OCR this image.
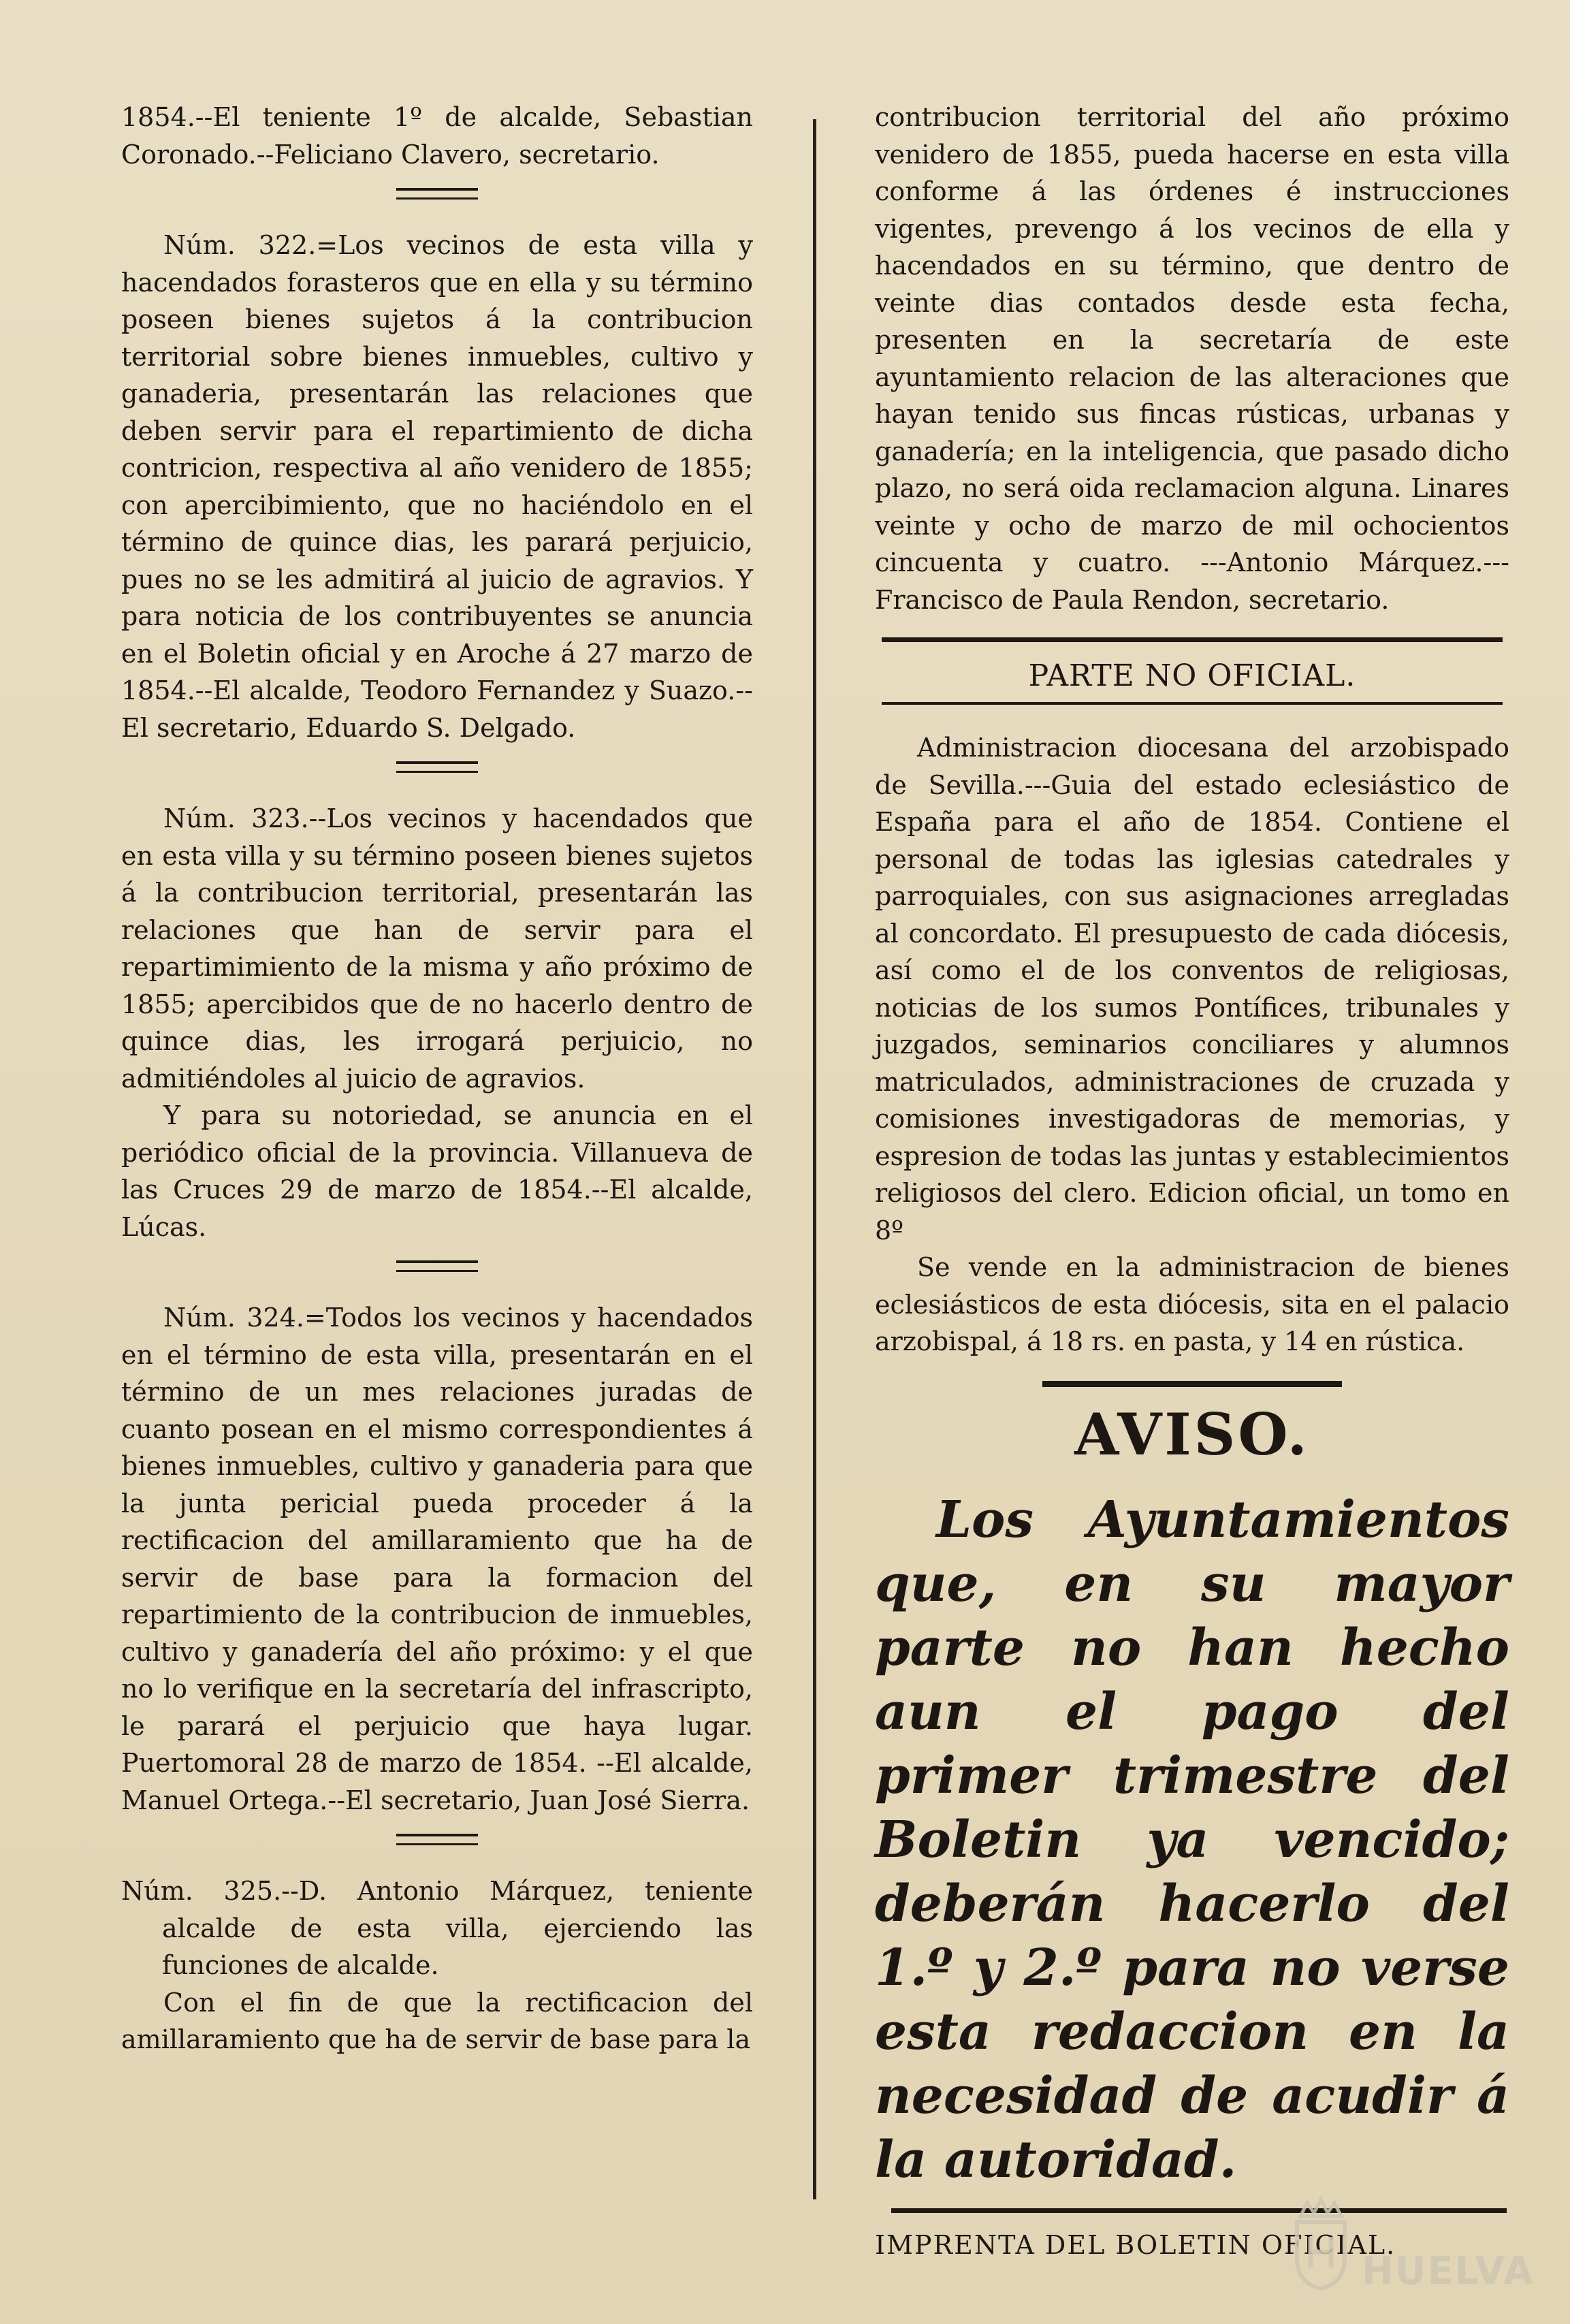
1854.--El teniente 1º de alcalde, Sebastian Coronado.--Feliciano Clavero, secretario.

Núm. 322.=Los vecinos de esta villa y hacendados forasteros que en ella y su término poseen bienes sujetos á la contribucion territorial sobre bienes inmuebles, cultivo y ganaderia, presentarán las relaciones que deben servir para el repartimiento de dicha contricion, respectiva al año venidero de 1855; con apercibimiento, que no haciéndolo en el término de quince dias, les parará perjuicio, pues no se les admitirá al juicio de agravios. Y para noticia de los contribuyentes se anuncia en el Boletin oficial y en Aroche á 27 marzo de 1854.--El alcalde, Teodoro Fernandez y Suazo.--El secretario, Eduardo S. Delgado.

Núm. 323.--Los vecinos y hacendados que en esta villa y su término poseen bienes sujetos á la contribucion territorial, presentarán las relaciones que han de servir para el repartimimiento de la misma y año próximo de 1855; apercibidos que de no hacerlo dentro de quince dias, les irrogará perjuicio, no admitiéndoles al juicio de agravios.

Y para su notoriedad, se anuncia en el periódico oficial de la provincia. Villanueva de las Cruces 29 de marzo de 1854.--El alcalde, Lúcas.

Núm. 324.=Todos los vecinos y hacendados en el término de esta villa, presentarán en el término de un mes relaciones juradas de cuanto posean en el mismo correspondientes á bienes inmuebles, cultivo y ganaderia para que la junta pericial pueda proceder á la rectificacion del amillaramiento que ha de servir de base para la formacion del repartimiento de la contribucion de inmuebles, cultivo y ganadería del año próximo: y el que no lo verifique en la secretaría del infrascripto, le parará el perjuicio que haya lugar. Puertomoral 28 de marzo de 1854. --El alcalde, Manuel Ortega.--El secretario, Juan José Sierra.

Núm. 325.--D. Antonio Márquez, teniente alcalde de esta villa, ejerciendo las funciones de alcalde.

Con el fin de que la rectificacion del amillaramiento que ha de servir de base para la

contribucion territorial del año próximo venidero de 1855, pueda hacerse en esta villa conforme á las órdenes é instrucciones vigentes, prevengo á los vecinos de ella y hacendados en su término, que dentro de veinte dias contados desde esta fecha, presenten en la secretaría de este ayuntamiento relacion de las alteraciones que hayan tenido sus fincas rústicas, urbanas y ganadería; en la inteligencia, que pasado dicho plazo, no será oida reclamacion alguna. Linares veinte y ocho de marzo de mil ochocientos cincuenta y cuatro. ---Antonio Márquez.---Francisco de Paula Rendon, secretario.

PARTE NO OFICIAL.

Administracion diocesana del arzobispado de Sevilla.---Guia del estado eclesiástico de España para el año de 1854. Contiene el personal de todas las iglesias catedrales y parroquiales, con sus asignaciones arregladas al concordato. El presupuesto de cada diócesis, así como el de los conventos de religiosas, noticias de los sumos Pontífices, tribunales y juzgados, seminarios conciliares y alumnos matriculados, administraciones de cruzada y comisiones investigadoras de memorias, y espresion de todas las juntas y establecimientos religiosos del clero. Edicion oficial, un tomo en 8º

Se vende en la administracion de bienes eclesiásticos de esta diócesis, sita en el palacio arzobispal, á 18 rs. en pasta, y 14 en rústica.

AVISO.

Los Ayuntamientos que, en su mayor parte no han hecho aun el pago del primer trimestre del Boletin ya vencido; deberán hacerlo del 1.º y 2.º para no verse esta redaccion en la necesidad de acudir á la autoridad.

IMPRENTA DEL BOLETIN OFICIAL.

HUELVA
